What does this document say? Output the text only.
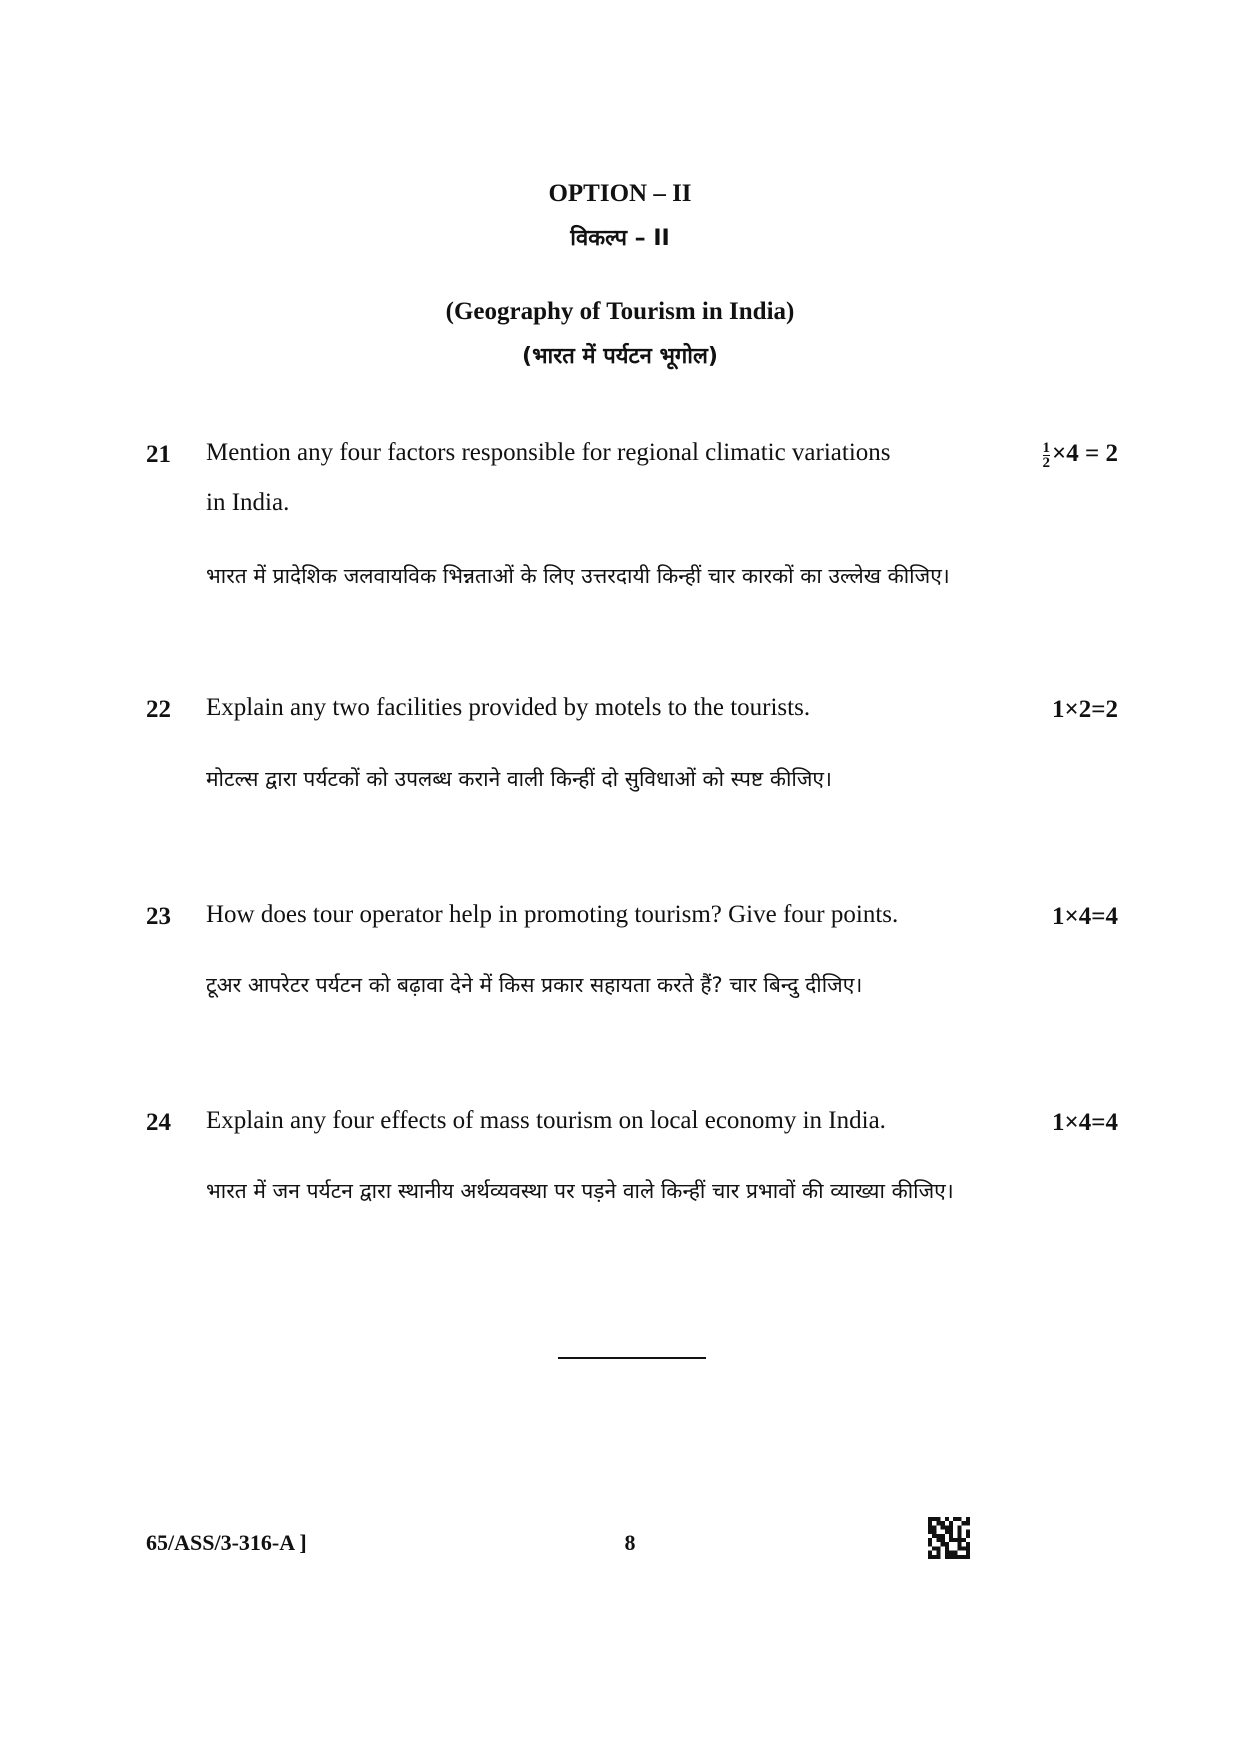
OPTION – II
विकल्प – II
(Geography of Tourism in India)
(भारत में पर्यटन भूगोल)
21 Mention any four factors responsible for regional climatic variations
in India.
$\frac{1}{2} \times 4 = 2$
भारत में प्रादेशिक जलवायविक भिन्नताओं के लिए उत्तरदायी किन्हीं चार कारकों का उल्लेख कीजिए।
22 Explain any two facilities provided by motels to the tourists.	1×2=2
मोटल्स द्वारा पर्यटकों को उपलब्ध कराने वाली किन्हीं दो सुविधाओं को स्पष्ट कीजिए।
23 How does tour operator help in promoting tourism? Give four points.	1×4=4
टूअर आपरेटर पर्यटन को बढ़ावा देने में किस प्रकार सहायता करते हैं? चार बिन्दु दीजिए।
24 Explain any four effects of mass tourism on local economy in India.	1×4=4
भारत में जन पर्यटन द्वारा स्थानीय अर्थव्यवस्था पर पड़ने वाले किन्हीं चार प्रभावों की व्याख्या कीजिए।
65/ASS/3-316-A ]	8
